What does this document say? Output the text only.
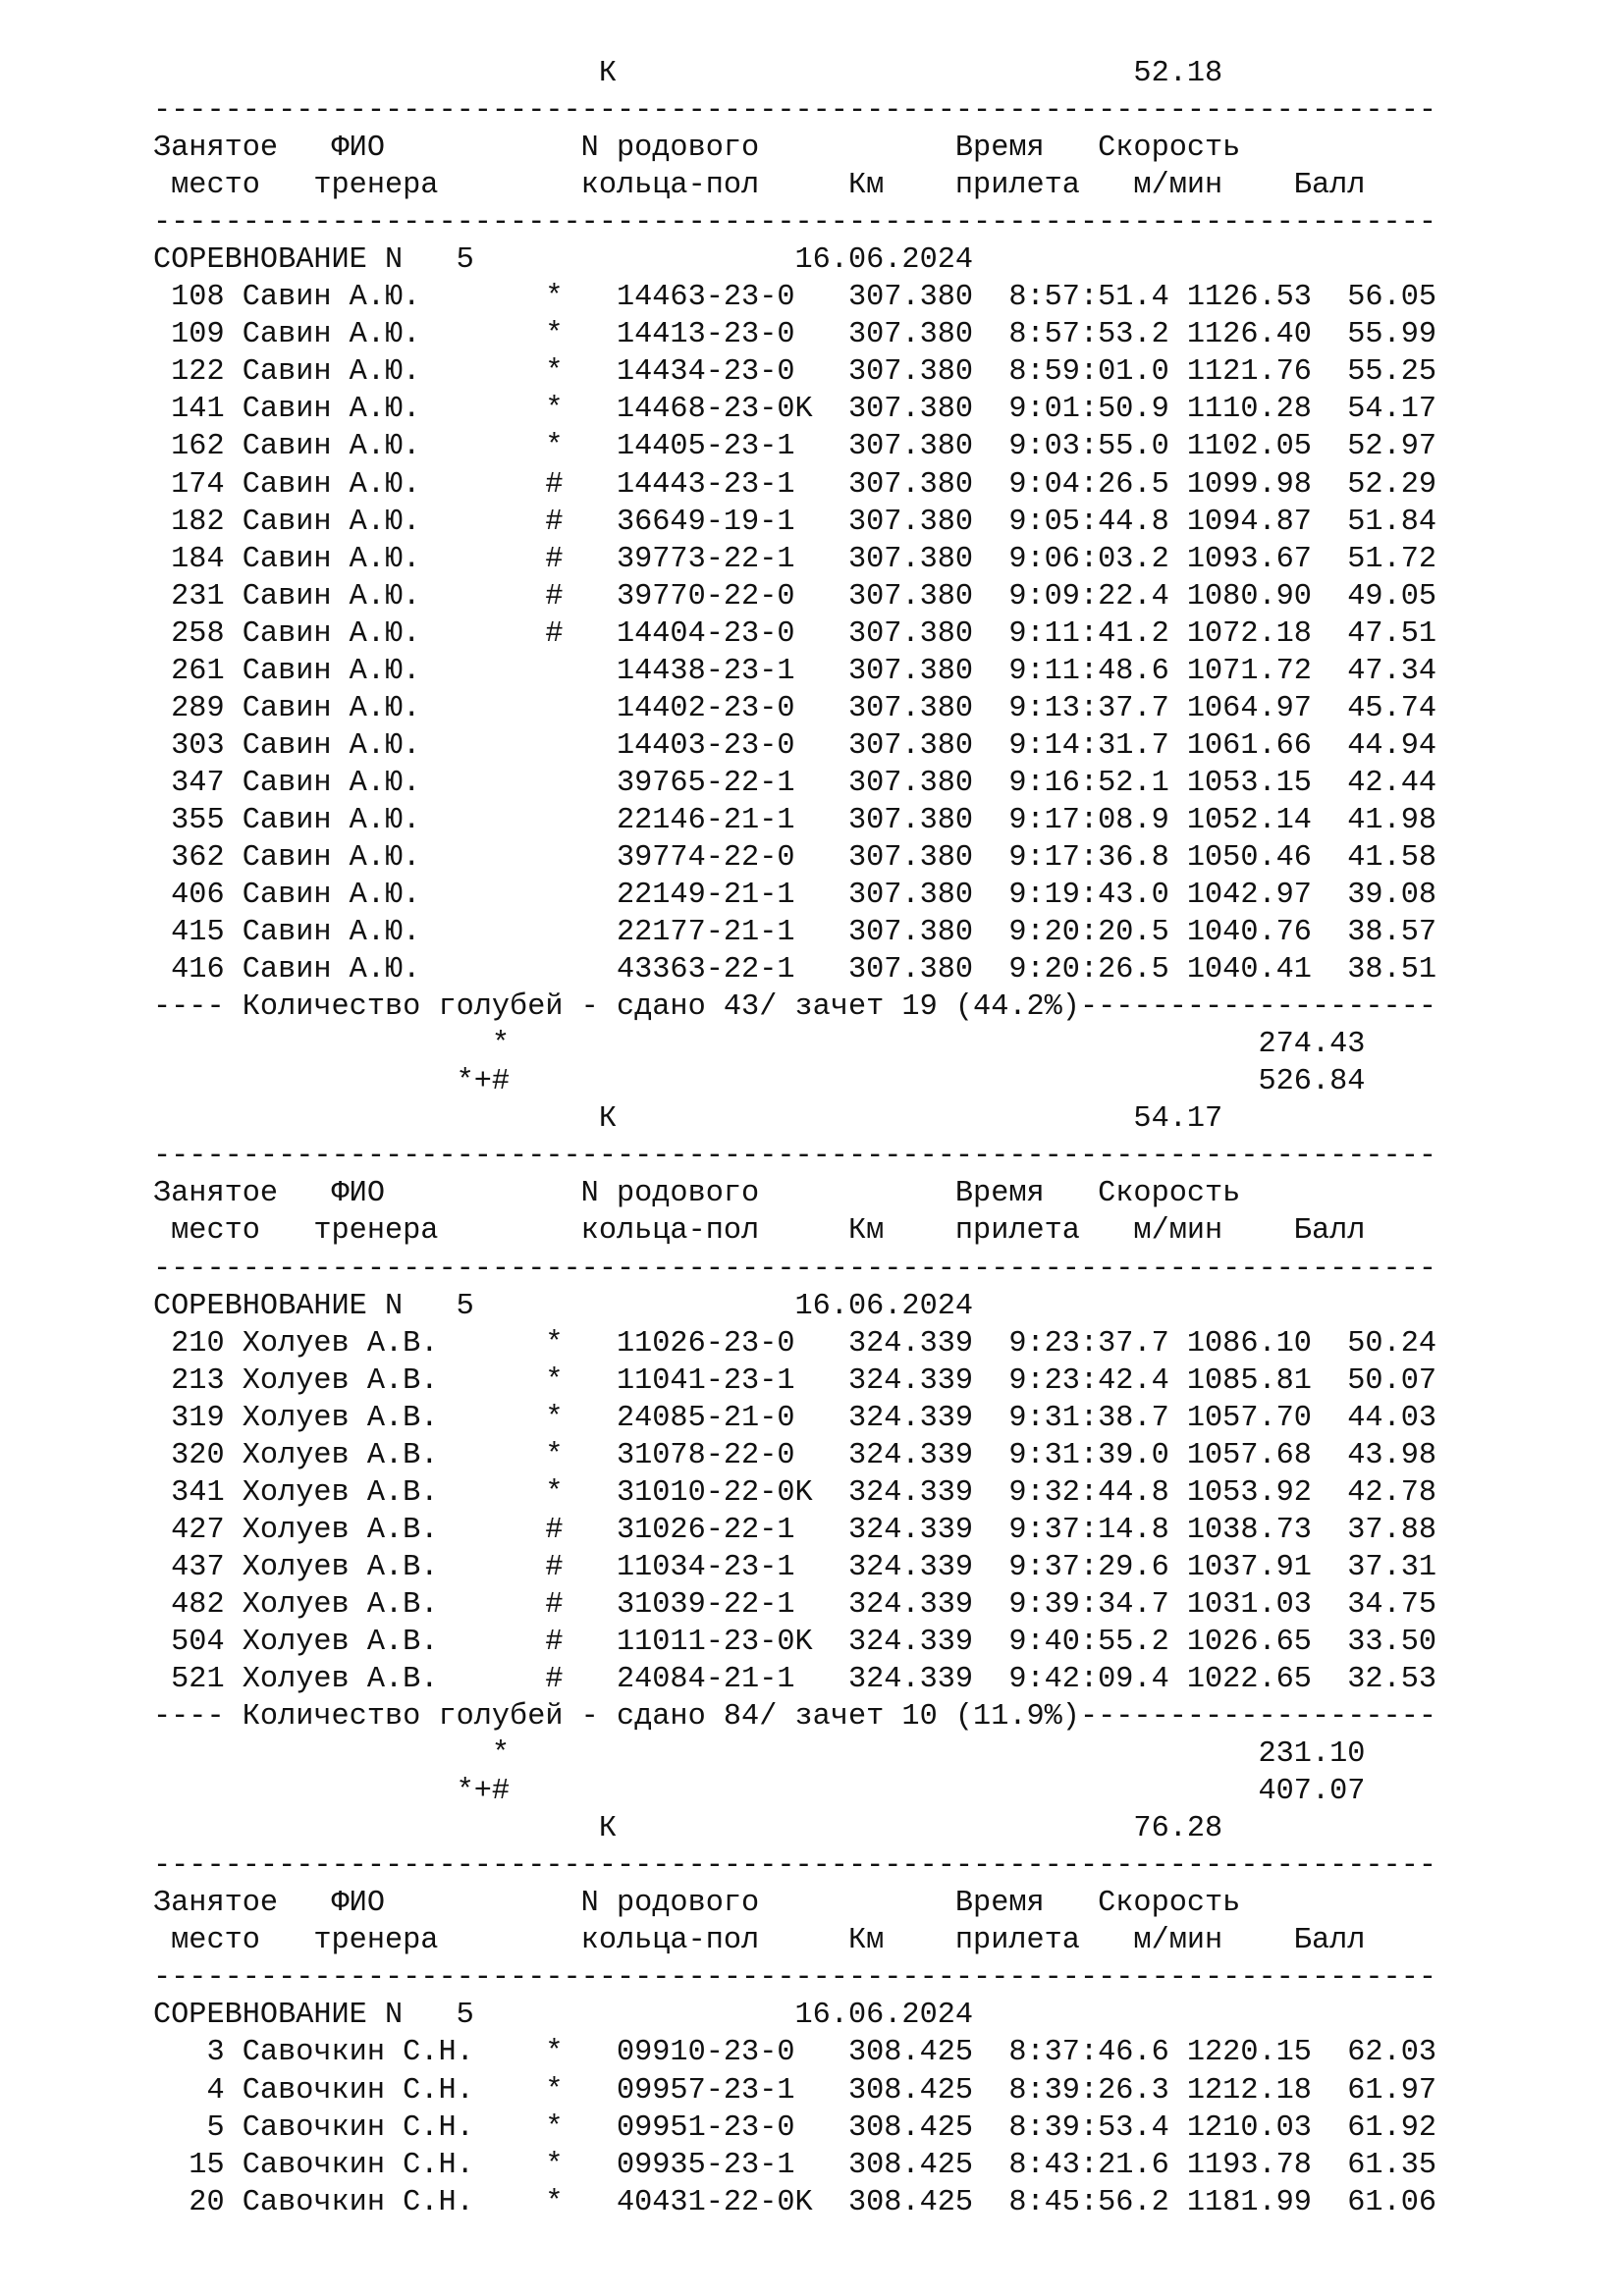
К                             52.18
------------------------------------------------------------------------
Занятое   ФИО           N родового           Время   Скорость
место   тренера        кольца-пол     Км    прилета   м/мин    Балл
------------------------------------------------------------------------
СОРЕВНОВАНИЕ N   5                  16.06.2024
108 Савин А.Ю.       *   14463-23-0   307.380  8:57:51.4 1126.53  56.05
109 Савин А.Ю.       *   14413-23-0   307.380  8:57:53.2 1126.40  55.99
122 Савин А.Ю.       *   14434-23-0   307.380  8:59:01.0 1121.76  55.25
141 Савин А.Ю.       *   14468-23-0K  307.380  9:01:50.9 1110.28  54.17
162 Савин А.Ю.       *   14405-23-1   307.380  9:03:55.0 1102.05  52.97
174 Савин А.Ю.       #   14443-23-1   307.380  9:04:26.5 1099.98  52.29
182 Савин А.Ю.       #   36649-19-1   307.380  9:05:44.8 1094.87  51.84
184 Савин А.Ю.       #   39773-22-1   307.380  9:06:03.2 1093.67  51.72
231 Савин А.Ю.       #   39770-22-0   307.380  9:09:22.4 1080.90  49.05
258 Савин А.Ю.       #   14404-23-0   307.380  9:11:41.2 1072.18  47.51
261 Савин А.Ю.           14438-23-1   307.380  9:11:48.6 1071.72  47.34
289 Савин А.Ю.           14402-23-0   307.380  9:13:37.7 1064.97  45.74
303 Савин А.Ю.           14403-23-0   307.380  9:14:31.7 1061.66  44.94
347 Савин А.Ю.           39765-22-1   307.380  9:16:52.1 1053.15  42.44
355 Савин А.Ю.           22146-21-1   307.380  9:17:08.9 1052.14  41.98
362 Савин А.Ю.           39774-22-0   307.380  9:17:36.8 1050.46  41.58
406 Савин А.Ю.           22149-21-1   307.380  9:19:43.0 1042.97  39.08
415 Савин А.Ю.           22177-21-1   307.380  9:20:20.5 1040.76  38.57
416 Савин А.Ю.           43363-22-1   307.380  9:20:26.5 1040.41  38.51
---- Количество голубей - сдано 43/ зачет 19 (44.2%)--------------------
*                                          274.43
*+#                                          526.84
К                             54.17
------------------------------------------------------------------------
Занятое   ФИО           N родового           Время   Скорость
место   тренера        кольца-пол     Км    прилета   м/мин    Балл
------------------------------------------------------------------------
СОРЕВНОВАНИЕ N   5                  16.06.2024
210 Холуев А.В.      *   11026-23-0   324.339  9:23:37.7 1086.10  50.24
213 Холуев А.В.      *   11041-23-1   324.339  9:23:42.4 1085.81  50.07
319 Холуев А.В.      *   24085-21-0   324.339  9:31:38.7 1057.70  44.03
320 Холуев А.В.      *   31078-22-0   324.339  9:31:39.0 1057.68  43.98
341 Холуев А.В.      *   31010-22-0K  324.339  9:32:44.8 1053.92  42.78
427 Холуев А.В.      #   31026-22-1   324.339  9:37:14.8 1038.73  37.88
437 Холуев А.В.      #   11034-23-1   324.339  9:37:29.6 1037.91  37.31
482 Холуев А.В.      #   31039-22-1   324.339  9:39:34.7 1031.03  34.75
504 Холуев А.В.      #   11011-23-0K  324.339  9:40:55.2 1026.65  33.50
521 Холуев А.В.      #   24084-21-1   324.339  9:42:09.4 1022.65  32.53
---- Количество голубей - сдано 84/ зачет 10 (11.9%)--------------------
*                                          231.10
*+#                                          407.07
К                             76.28
------------------------------------------------------------------------
Занятое   ФИО           N родового           Время   Скорость
место   тренера        кольца-пол     Км    прилета   м/мин    Балл
------------------------------------------------------------------------
СОРЕВНОВАНИЕ N   5                  16.06.2024
3 Савочкин С.Н.    *   09910-23-0   308.425  8:37:46.6 1220.15  62.03
4 Савочкин С.Н.    *   09957-23-1   308.425  8:39:26.3 1212.18  61.97
5 Савочкин С.Н.    *   09951-23-0   308.425  8:39:53.4 1210.03  61.92
15 Савочкин С.Н.    *   09935-23-1   308.425  8:43:21.6 1193.78  61.35
20 Савочкин С.Н.    *   40431-22-0K  308.425  8:45:56.2 1181.99  61.06
